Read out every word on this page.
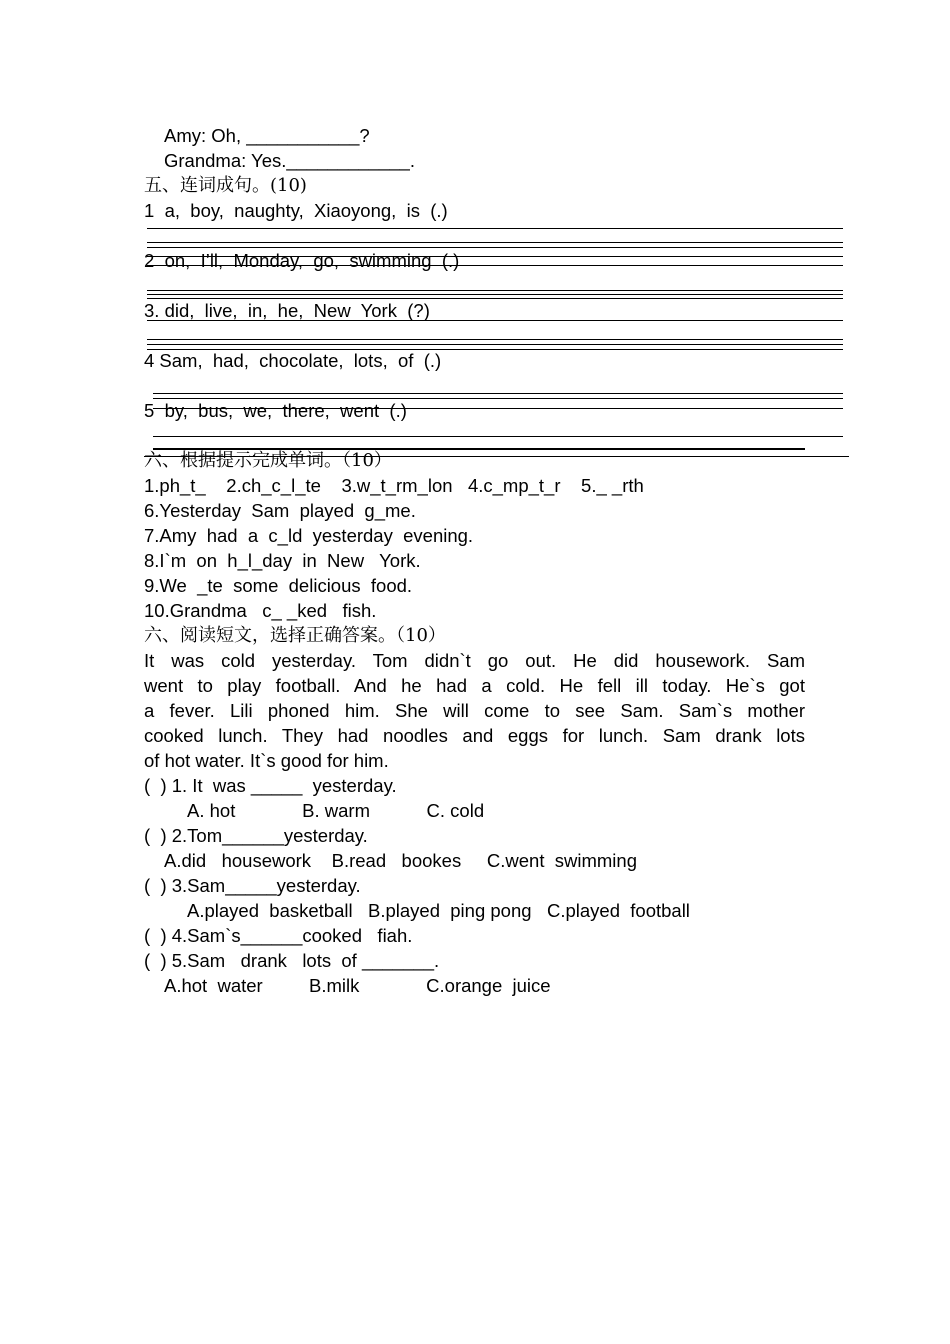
Amy: Oh, ___________?

Grandma: Yes.____________.

五、连词成句。(10)

1  a,  boy,  naughty,  Xiaoyong,  is  (.)

2  on,  I’ll,  Monday,  go,  swimming  (.)

3. did,  live,  in,  he,  New  York  (?)

4 Sam,  had,  chocolate,  lots,  of  (.)

5  by,  bus,  we,  there,  went  (.)

六、根据提示完成单词。（10）

1.ph_t_    2.ch_c_l_te    3.w_t_rm_lon   4.c_mp_t_r    5._ _rth

6.Yesterday  Sam  played  g_me.

7.Amy  had  a  c_ld  yesterday  evening.

8.I`m  on  h_l_day  in  New   York.

9.We  _te  some  delicious  food.

10.Grandma   c_ _ked   fish.

六、阅读短文，选择正确答案。（10）

It was cold yesterday. Tom didn`t go out. He did housework. Sam
went to play football. And he had a cold. He fell ill today. He`s got
a fever. Lili phoned him. She will come to see Sam. Sam`s mother
cooked lunch. They had noodles and eggs for lunch. Sam drank lots
of hot water. It`s good for him.

(  ) 1. It  was _____  yesterday.

A. hot             B. warm           C. cold

(  ) 2.Tom______yesterday.

A.did   housework    B.read   bookes     C.went  swimming

(  ) 3.Sam_____yesterday.

A.played  basketball   B.played  ping pong   C.played  football

(  ) 4.Sam`s______cooked   fiah.

(  ) 5.Sam   drank   lots  of _______.

A.hot  water         B.milk             C.orange  juice
